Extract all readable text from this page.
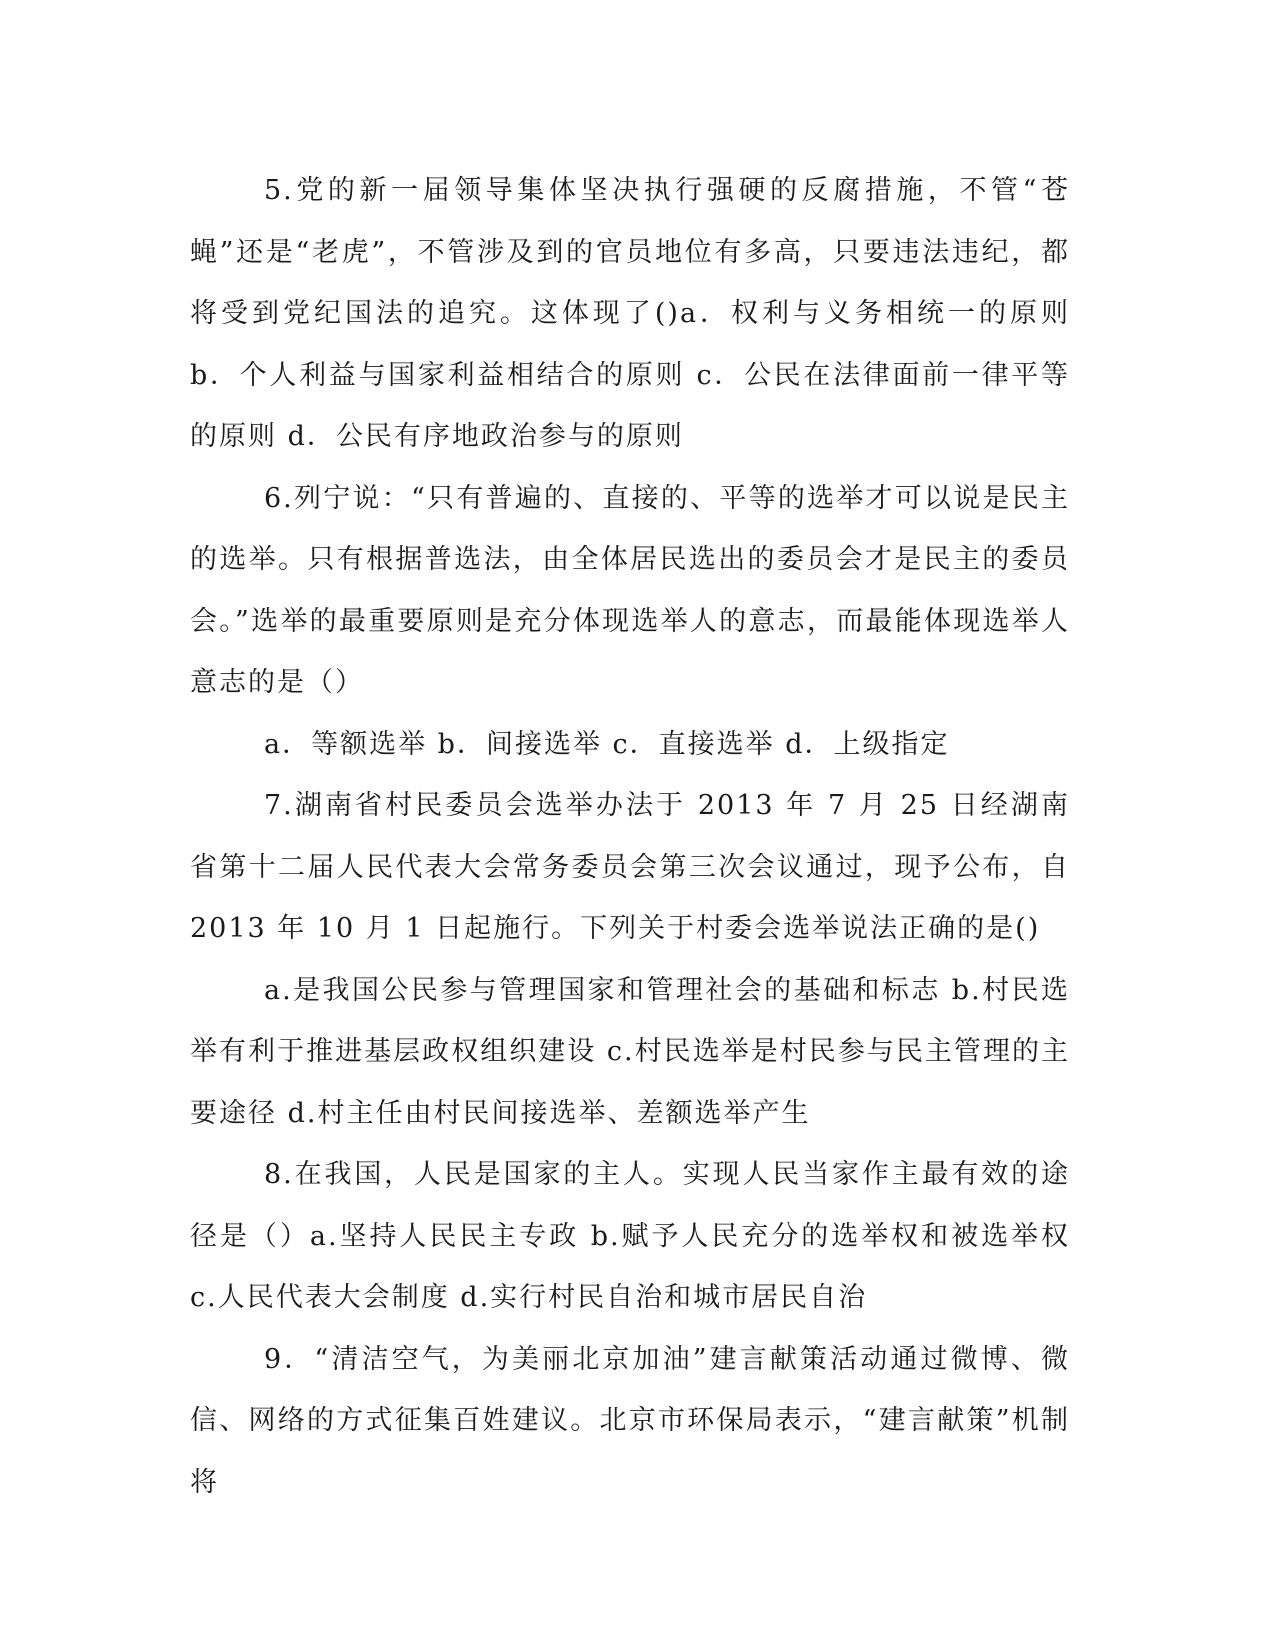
5.党的新一届领导集体坚决执行强硬的反腐措施，不管“苍蝇”还是“老虎”，不管涉及到的官员地位有多高，只要违法违纪，都将受到党纪国法的追究。这体现了()a．权利与义务相统一的原则 b．个人利益与国家利益相结合的原则 c．公民在法律面前一律平等的原则 d．公民有序地政治参与的原则

6.列宁说：“只有普遍的、直接的、平等的选举才可以说是民主的选举。只有根据普选法，由全体居民选出的委员会才是民主的委员会。”选举的最重要原则是充分体现选举人的意志，而最能体现选举人意志的是（）

a．等额选举 b．间接选举 c．直接选举 d．上级指定

7.湖南省村民委员会选举办法于 2013 年 7 月 25 日经湖南省第十二届人民代表大会常务委员会第三次会议通过，现予公布，自 2013 年 10 月 1 日起施行。下列关于村委会选举说法正确的是()

a.是我国公民参与管理国家和管理社会的基础和标志 b.村民选举有利于推进基层政权组织建设 c.村民选举是村民参与民主管理的主要途径 d.村主任由村民间接选举、差额选举产生

8.在我国，人民是国家的主人。实现人民当家作主最有效的途径是（）a.坚持人民民主专政 b.赋予人民充分的选举权和被选举权 c.人民代表大会制度 d.实行村民自治和城市居民自治

9．“清洁空气，为美丽北京加油”建言献策活动通过微博、微信、网络的方式征集百姓建议。北京市环保局表示，“建言献策”机制将
